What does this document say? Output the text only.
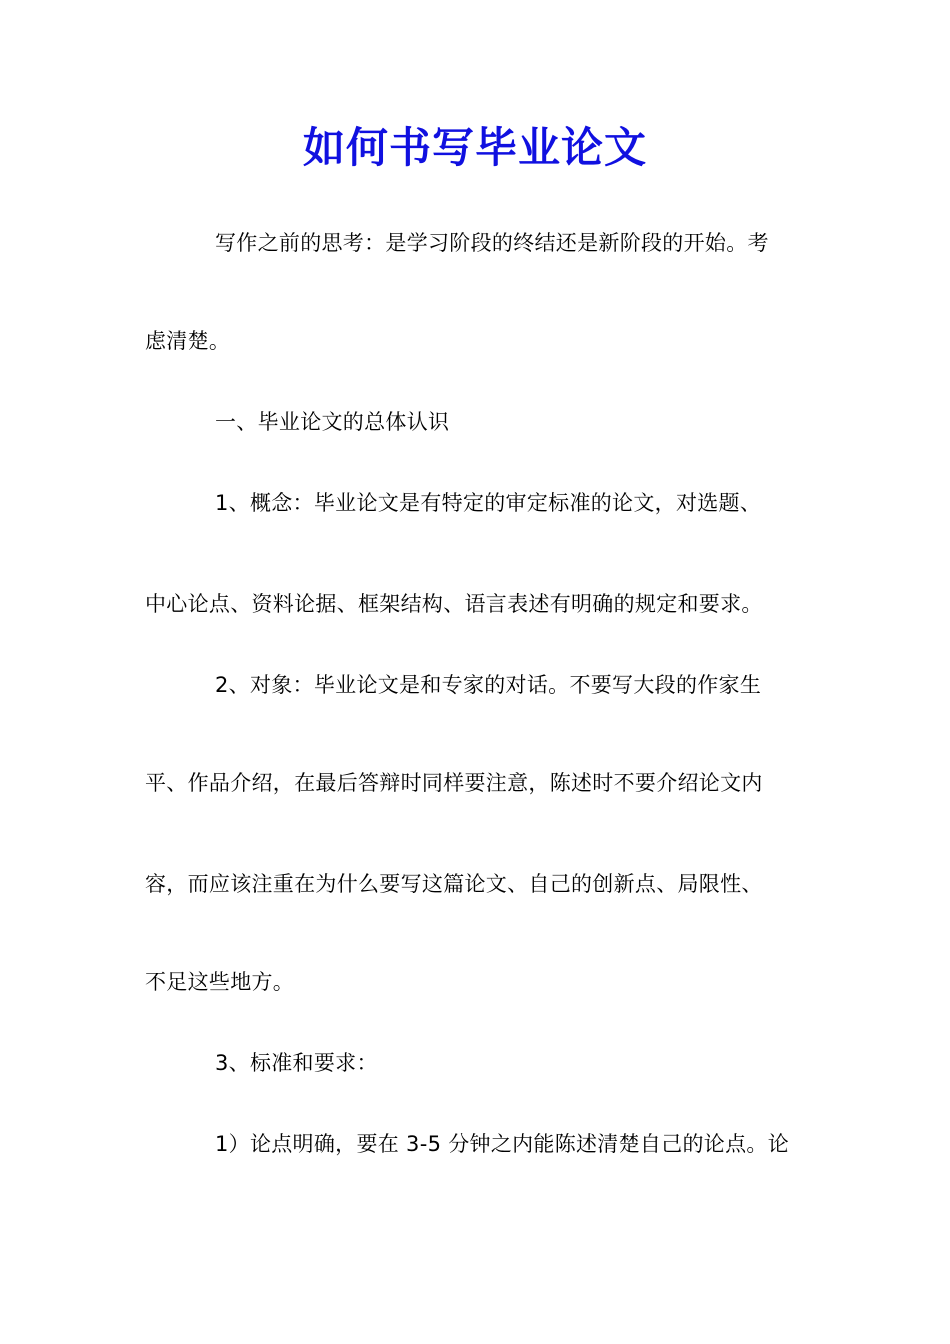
如何书写毕业论文

写作之前的思考：是学习阶段的终结还是新阶段的开始。考

虑清楚。

一、毕业论文的总体认识

1、概念：毕业论文是有特定的审定标准的论文，对选题、

中心论点、资料论据、框架结构、语言表述有明确的规定和要求。

2、对象：毕业论文是和专家的对话。不要写大段的作家生

平、作品介绍，在最后答辩时同样要注意，陈述时不要介绍论文内

容，而应该注重在为什么要写这篇论文、自己的创新点、局限性、

不足这些地方。

3、标准和要求：

1）论点明确，要在 3-5 分钟之内能陈述清楚自己的论点。论
